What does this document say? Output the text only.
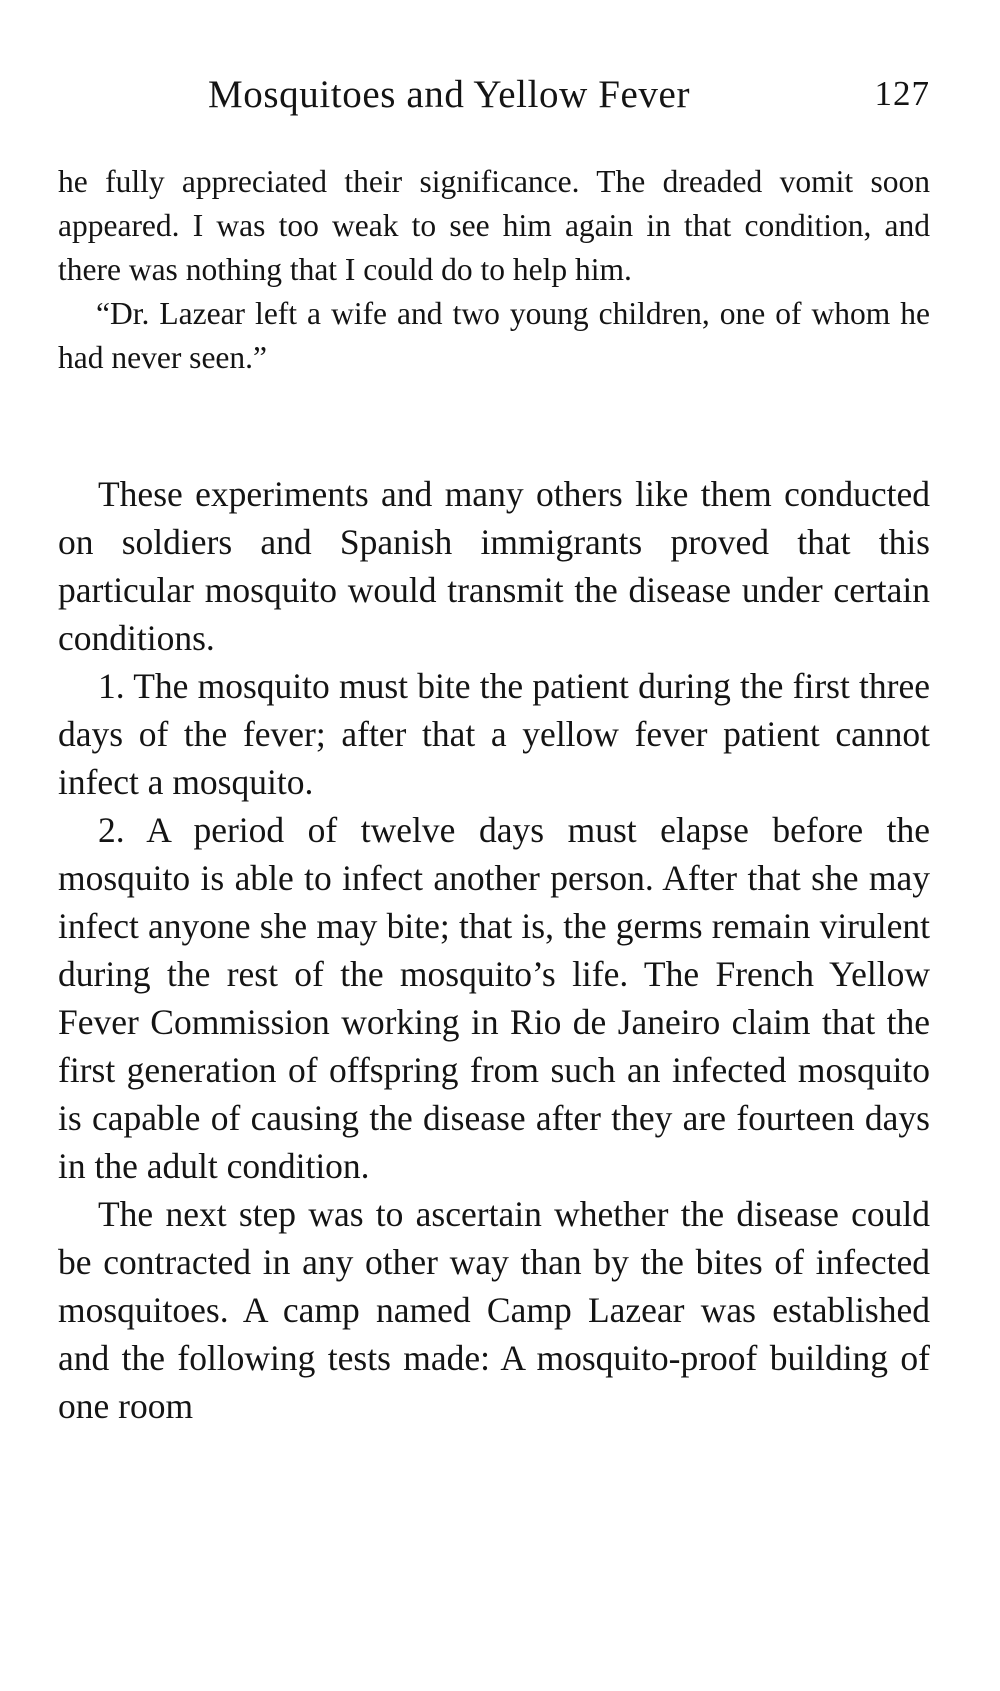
Mosquitoes and Yellow Fever	127

he fully appreciated their significance. The dreaded vomit soon appeared. I was too weak to see him again in that condition, and there was nothing that I could do to help him.

“Dr. Lazear left a wife and two young children, one of whom he had never seen.”

These experiments and many others like them conducted on soldiers and Spanish immigrants proved that this particular mosquito would transmit the disease under certain conditions.

1. The mosquito must bite the patient during the first three days of the fever; after that a yellow fever patient cannot infect a mosquito.

2. A period of twelve days must elapse before the mosquito is able to infect another person. After that she may infect anyone she may bite; that is, the germs remain virulent during the rest of the mosquito’s life. The French Yellow Fever Commission working in Rio de Janeiro claim that the first generation of offspring from such an infected mosquito is capable of causing the disease after they are fourteen days in the adult condition.

The next step was to ascertain whether the disease could be contracted in any other way than by the bites of infected mosquitoes. A camp named Camp Lazear was established and the following tests made: A mosquito-proof building of one room
